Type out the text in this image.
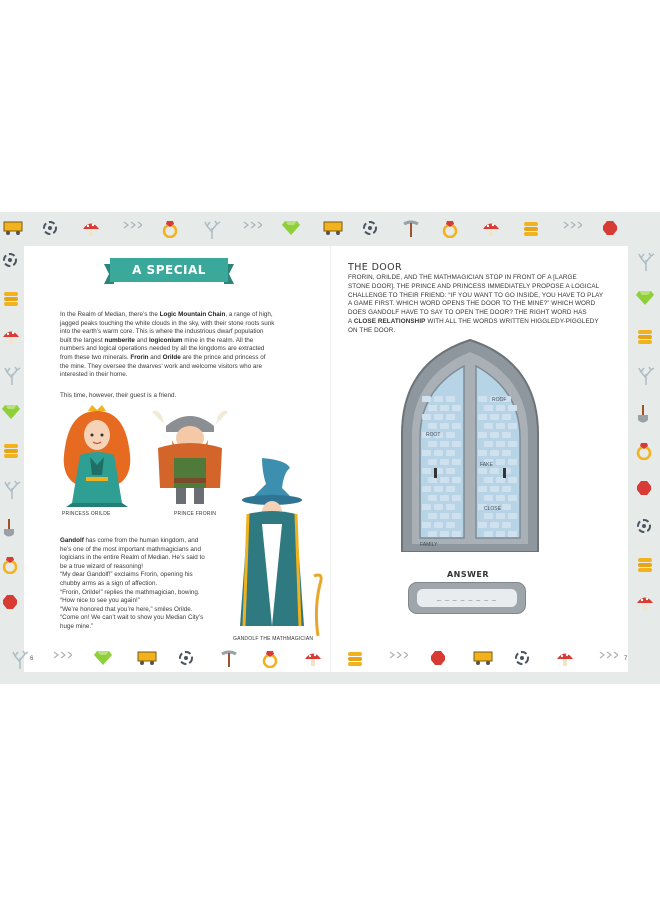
A SPECIAL VISITOR
In the Realm of Median, there’s the Logic Mountain Chain, a range of high,
jagged peaks touching the white clouds in the sky, with their stone roots sunk
into the earth’s warm core. This is where the industrious dwarf population
built the largest numberite and logiconium mine in the realm. All the
numbers and logical operations needed by all the kingdoms are extracted
from these two minerals. Frorin and Orilde are the prince and princess of
the mine. They oversee the dwarves’ work and welcome visitors who are
interested in their home.
This time, however, their guest is a friend.
PRINCESS ORILDE	PRINCE FRORIN
GANDOLF THE MATHMAGICIAN
Gandolf has come from the human kingdom, and
he’s one of the most important mathmagicians and
logicians in the entire Realm of Median. He’s said to
be a true wizard of reasoning!
“My dear Gandolf!” exclaims Frorin, opening his
chubby arms as a sign of affection.
“Frorin, Orilde!” replies the mathmagician, bowing.
“How nice to see you again!”
“We’re honored that you’re here,” smiles Orilde.
“Come on! We can’t wait to show you Median City’s
huge mine.”
6
THE DOOR
FRORIN, ORILDE, AND THE MATHMAGICIAN STOP IN FRONT OF A [LARGE
STONE DOOR]. THE PRINCE AND PRINCESS IMMEDIATELY PROPOSE A LOGICAL
CHALLENGE TO THEIR FRIEND: “IF YOU WANT TO GO INSIDE, YOU HAVE TO PLAY
A GAME FIRST. WHICH WORD OPENS THE DOOR TO THE MINE?” WHICH WORD
DOES GANDOLF HAVE TO SAY TO OPEN THE DOOR? THE RIGHT WORD HAS
A CLOSE RELATIONSHIP WITH ALL THE WORDS WRITTEN HIGGLEDY-PIGGLEDY
ON THE DOOR.
ROOF
ROOT
FAKE
CLOSE
FAMILY
ANSWER
_ _ _ _ _ _ _ _
7
